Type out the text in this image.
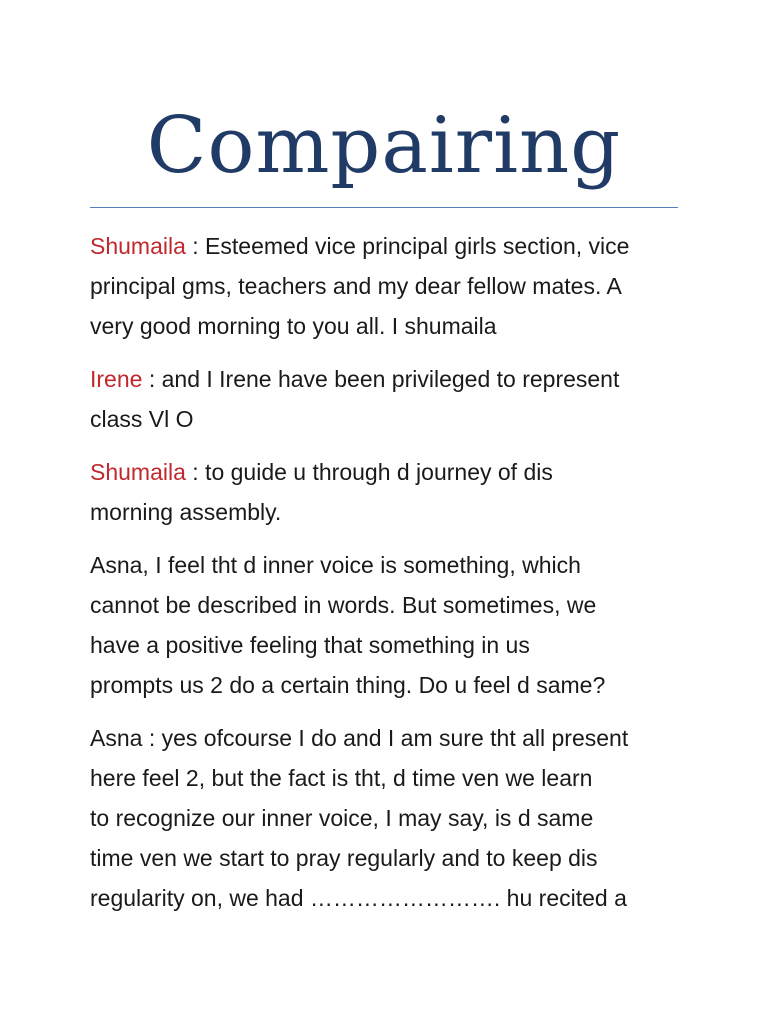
Compairing
Shumaila : Esteemed vice principal girls section, vice
principal gms, teachers and my dear fellow mates. A
very good morning to you all. I shumaila
Irene : and I Irene have been privileged to represent
class Vl O
Shumaila : to guide u through d journey of dis
morning assembly.
Asna, I feel tht d inner voice is something, which
cannot be described in words. But sometimes, we
have a positive feeling that something in us
prompts us 2 do a certain thing. Do u feel d same?
Asna : yes ofcourse I do and I am sure tht all present
here feel 2, but the fact is tht, d time ven we learn
to recognize our inner voice, I may say, is d same
time ven we start to pray regularly and to keep dis
regularity on, we had ……………………. hu recited a
